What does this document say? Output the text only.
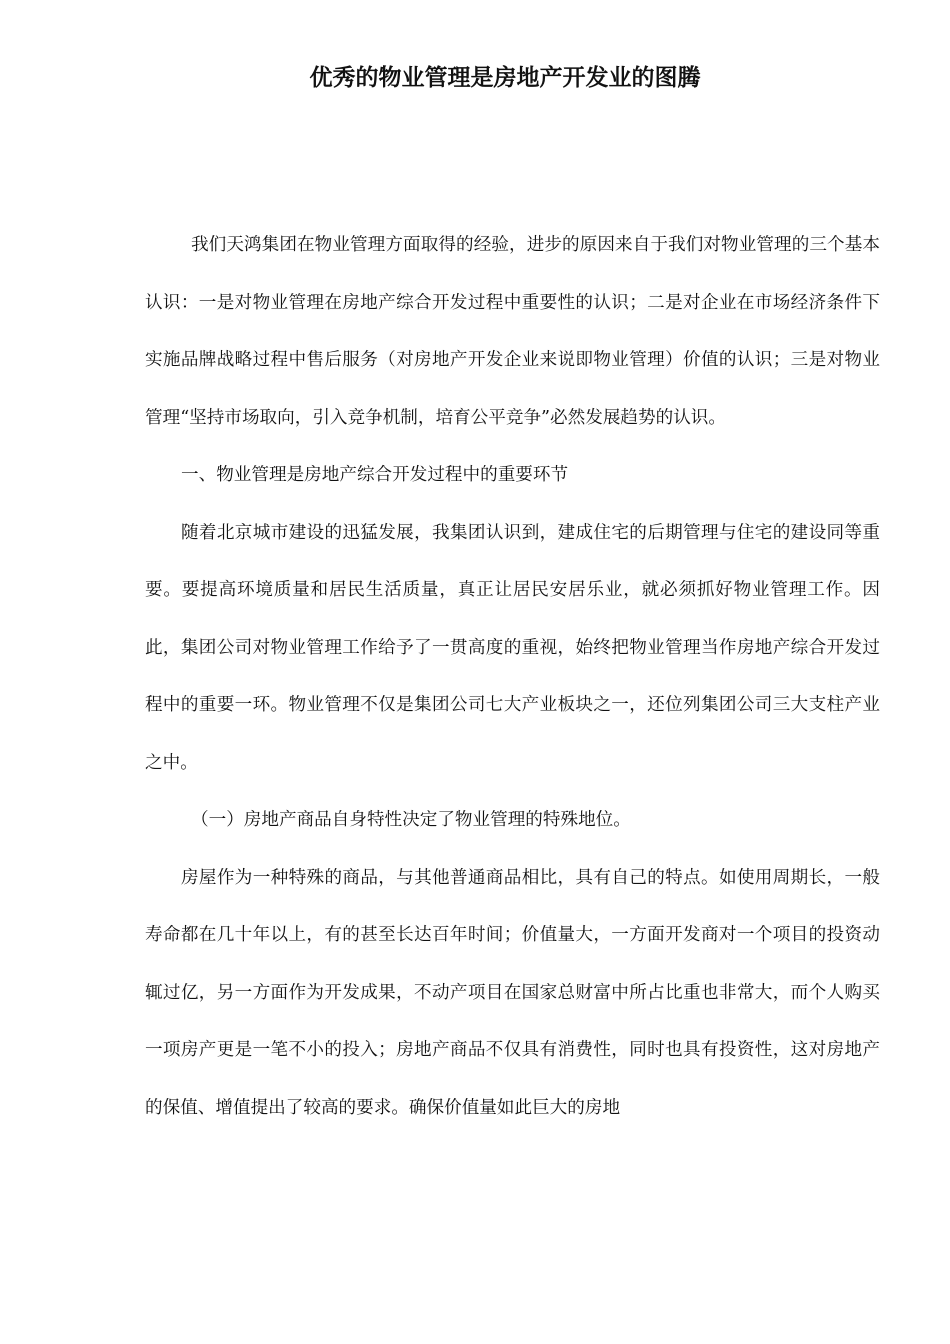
优秀的物业管理是房地产开发业的图腾

我们天鸿集团在物业管理方面取得的经验，进步的原因来自于我们对物业管理的三个基本认识：一是对物业管理在房地产综合开发过程中重要性的认识；二是对企业在市场经济条件下实施品牌战略过程中售后服务（对房地产开发企业来说即物业管理）价值的认识；三是对物业管理“坚持市场取向，引入竞争机制，培育公平竞争”必然发展趋势的认识。

一、物业管理是房地产综合开发过程中的重要环节

随着北京城市建设的迅猛发展，我集团认识到，建成住宅的后期管理与住宅的建设同等重要。要提高环境质量和居民生活质量，真正让居民安居乐业，就必须抓好物业管理工作。因此，集团公司对物业管理工作给予了一贯高度的重视，始终把物业管理当作房地产综合开发过程中的重要一环。物业管理不仅是集团公司七大产业板块之一，还位列集团公司三大支柱产业之中。

（一）房地产商品自身特性决定了物业管理的特殊地位。

房屋作为一种特殊的商品，与其他普通商品相比，具有自己的特点。如使用周期长，一般寿命都在几十年以上，有的甚至长达百年时间；价值量大，一方面开发商对一个项目的投资动辄过亿，另一方面作为开发成果，不动产项目在国家总财富中所占比重也非常大，而个人购买一项房产更是一笔不小的投入；房地产商品不仅具有消费性，同时也具有投资性，这对房地产的保值、增值提出了较高的要求。确保价值量如此巨大的房地
